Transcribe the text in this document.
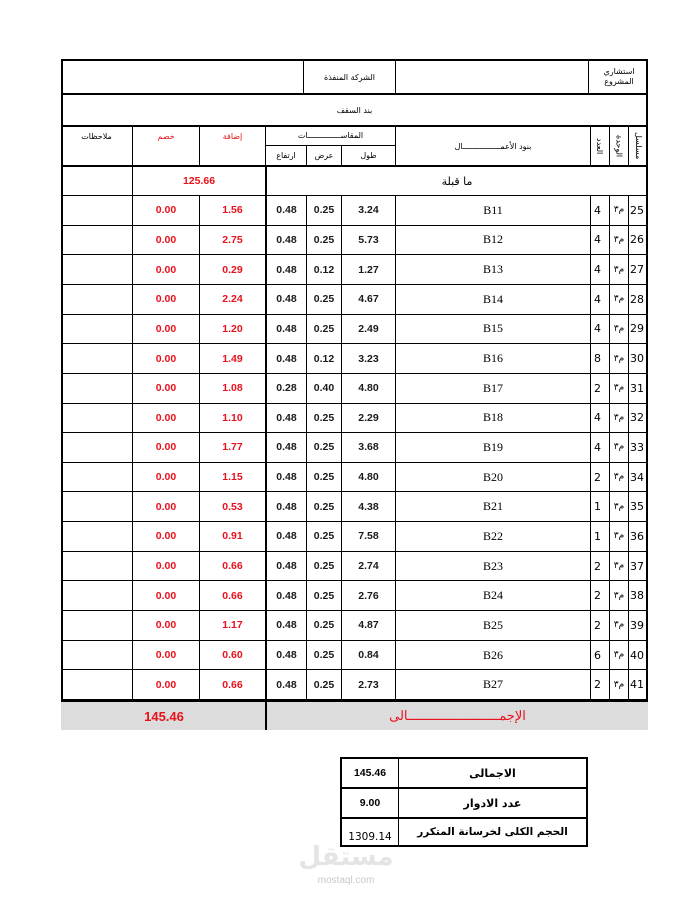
الشركة المنفذة
استشاري المشروع
بند السقف
ملاحظات	خصم	إضافة	المقاســــــــــــــات
ارتفاع	عرض	طول
بنود الأعمــــــــــــــــال	العدد	الوحدة	مسلسل
125.66	ما قبلة
0.00	1.56	0.48	0.25	3.24	B11	4	م٣ 25
0.00	2.75	0.48	0.25	5.73	B12	4	م٣ 26
0.00	0.29	0.48	0.12	1.27	B13	4	م٣ 27
0.00	2.24	0.48	0.25	4.67	B14	4	م٣ 28
0.00	1.20	0.48	0.25	2.49	B15	4	م٣ 29
0.00	1.49	0.48	0.12	3.23	B16	8	م٣ 30
0.00	1.08	0.28	0.40	4.80	B17	2	م٣ 31
0.00	1.10	0.48	0.25	2.29	B18	4	م٣ 32
0.00	1.77	0.48	0.25	3.68	B19	4	م٣ 33
0.00	1.15	0.48	0.25	4.80	B20	2	م٣ 34
0.00	0.53	0.48	0.25	4.38	B21	1	م٣ 35
0.00	0.91	0.48	0.25	7.58	B22	1	م٣ 36
0.00	0.66	0.48	0.25	2.74	B23	2	م٣ 37
0.00	0.66	0.48	0.25	2.76	B24	2	م٣ 38
0.00	1.17	0.48	0.25	4.87	B25	2	م٣ 39
0.00	0.60	0.48	0.25	0.84	B26	6	م٣ 40
0.00	0.66	0.48	0.25	2.73	B27	2	م٣ 41
145.46	الإجمــــــــــــــــــــــــالى
145.46	الاجمالى
9.00	عدد الادوار
1309.14	الحجم الكلى لخرسانة المتكرر
مستقل
mostaql.com
